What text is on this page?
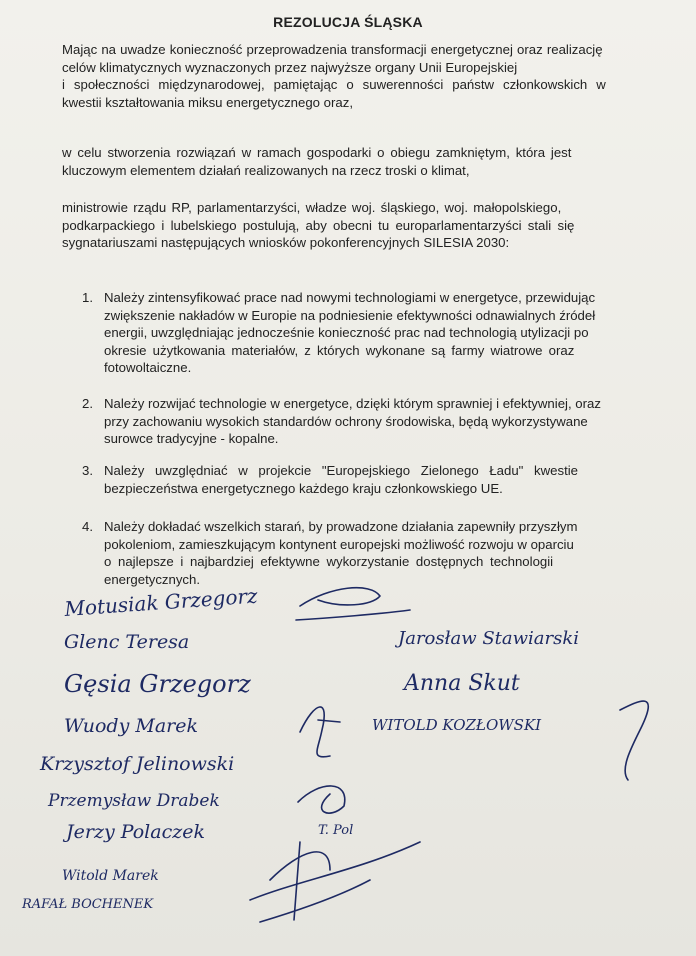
REZOLUCJA ŚLĄSKA
Mając na uwadze konieczność przeprowadzenia transformacji energetycznej oraz realizację
celów klimatycznych wyznaczonych przez najwyższe organy Unii Europejskiej
i społeczności międzynarodowej, pamiętając o suwerenności państw członkowskich w
kwestii kształtowania miksu energetycznego oraz,
w celu stworzenia rozwiązań w ramach gospodarki o obiegu zamkniętym, która jest
kluczowym elementem działań realizowanych na rzecz troski o klimat,
ministrowie rządu RP, parlamentarzyści, władze woj. śląskiego, woj. małopolskiego,
podkarpackiego i lubelskiego postulują, aby obecni tu europarlamentarzyści stali się
sygnatariuszami następujących wniosków pokonferencyjnych SILESIA 2030:
1. Należy zintensyfikować prace nad nowymi technologiami w energetyce, przewidując
zwiększenie nakładów w Europie na podniesienie efektywności odnawialnych źródeł
energii, uwzględniając jednocześnie konieczność prac nad technologią utylizacji po
okresie użytkowania materiałów, z których wykonane są farmy wiatrowe oraz
fotowoltaiczne.
2. Należy rozwijać technologie w energetyce, dzięki którym sprawniej i efektywniej, oraz
przy zachowaniu wysokich standardów ochrony środowiska, będą wykorzystywane
surowce tradycyjne - kopalne.
3. Należy uwzględniać w projekcie "Europejskiego Zielonego Ładu" kwestie
bezpieczeństwa energetycznego każdego kraju członkowskiego UE.
4. Należy dokładać wszelkich starań, by prowadzone działania zapewniły przyszłym
pokoleniom, zamieszkującym kontynent europejski możliwość rozwoju w oparciu
o najlepsze i najbardziej efektywne wykorzystanie dostępnych technologii
energetycznych.
Motusiak Grzegorz
Glenc Teresa
Gęsia Grzegorz
Wuody Marek
Krzysztof Jelinowski
Przemysław Drabek
Jerzy Polaczek
Witold Marek
RAFAŁ BOCHENEK
Jarosław Stawiarski
Anna Skut
WITOLD KOZŁOWSKI
T. Pol
